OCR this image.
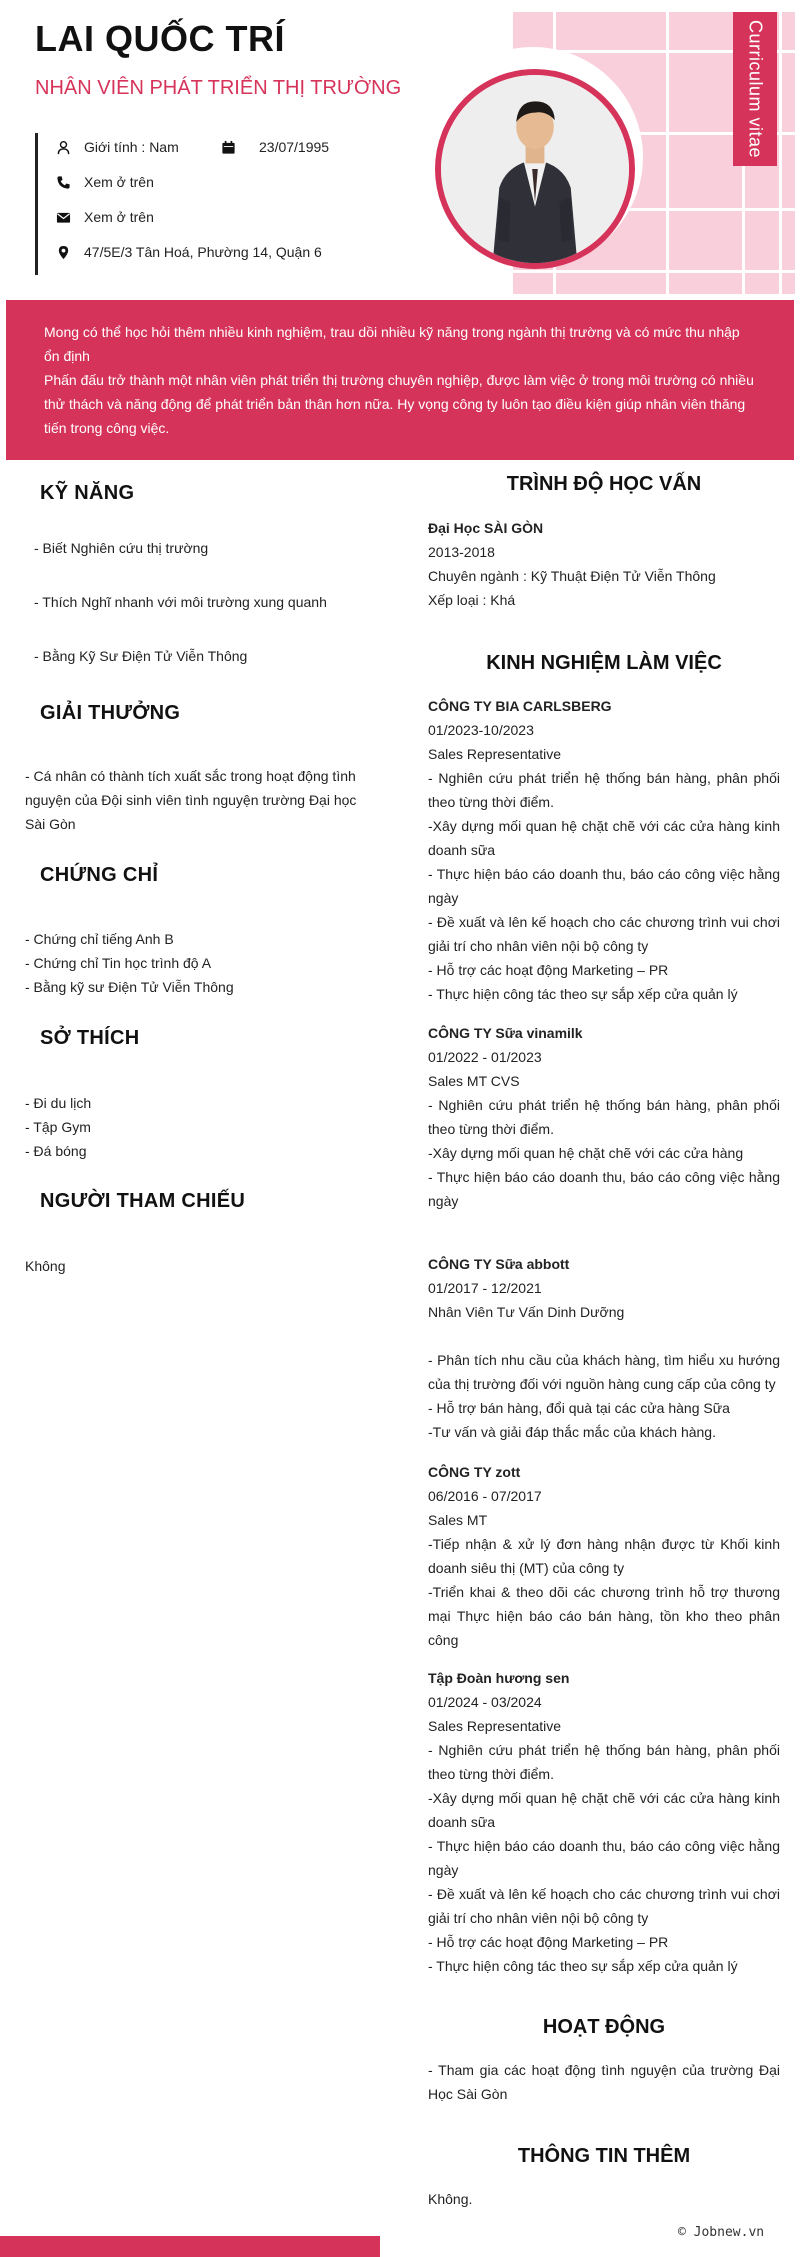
Curriculum vitae
LAI QUỐC TRÍ
NHÂN VIÊN PHÁT TRIỂN THỊ TRƯỜNG
Giới tính : Nam	23/07/1995
Xem ở trên
Xem ở trên
47/5E/3 Tân Hoá, Phường 14, Quận 6

Mong có thể học hỏi thêm nhiều kinh nghiệm, trau dồi nhiều kỹ năng trong ngành thị trường và có mức thu nhập ổn định

Phấn đấu trở thành một nhân viên phát triển thị trường chuyên nghiệp, được làm việc ở trong môi trường có nhiều thử thách và năng động để phát triển bản thân hơn nữa. Hy vọng công ty luôn tạo điều kiện giúp nhân viên thăng tiến trong công việc.

KỸ NĂNG
- Biết Nghiên cứu thị trường
- Thích Nghĩ nhanh với môi trường xung quanh
- Bằng Kỹ Sư Điện Tử Viễn Thông
GIẢI THƯỞNG
- Cá nhân có thành tích xuất sắc trong hoạt động tình nguyện của Đội sinh viên tình nguyện trường Đại học Sài Gòn
CHỨNG CHỈ
- Chứng chỉ tiếng Anh B
- Chứng chỉ Tin học trình độ A
- Bằng kỹ sư Điện Tử Viễn Thông
SỞ THÍCH
- Đi du lịch
- Tập Gym
- Đá bóng
NGƯỜI THAM CHIẾU
Không
TRÌNH ĐỘ HỌC VẤN
Đại Học SÀI GÒN
2013-2018
Chuyên ngành : Kỹ Thuật Điện Tử Viễn Thông
Xếp loại : Khá
KINH NGHIỆM LÀM VIỆC
CÔNG TY BIA CARLSBERG
01/2023-10/2023
Sales Representative
- Nghiên cứu phát triển hệ thống bán hàng, phân phối theo từng thời điểm.
-Xây dựng mối quan hệ chặt chẽ với các cửa hàng kinh doanh sữa
- Thực hiện báo cáo doanh thu, báo cáo công việc hằng ngày
- Đề xuất và lên kế hoạch cho các chương trình vui chơi giải trí cho nhân viên nội bộ công ty
- Hỗ trợ các hoạt động Marketing – PR
- Thực hiện công tác theo sự sắp xếp cửa quản lý
CÔNG TY Sữa vinamilk
01/2022 - 01/2023
Sales MT CVS
- Nghiên cứu phát triển hệ thống bán hàng, phân phối theo từng thời điểm.
-Xây dựng mối quan hệ chặt chẽ với các cửa hàng
- Thực hiện báo cáo doanh thu, báo cáo công việc hằng ngày
CÔNG TY Sữa abbott
01/2017 - 12/2021
Nhân Viên Tư Vấn Dinh Dưỡng
- Phân tích nhu cầu của khách hàng, tìm hiểu xu hướng của thị trường đối với nguồn hàng cung cấp của công ty
- Hỗ trợ bán hàng, đổi quà tại các cửa hàng Sữa
-Tư vấn và giải đáp thắc mắc của khách hàng.
CÔNG TY zott
06/2016 - 07/2017
Sales MT
-Tiếp nhận & xử lý đơn hàng nhận được từ Khối kinh doanh siêu thị (MT) của công ty
-Triển khai & theo dõi các chương trình hỗ trợ thương mại Thực hiện báo cáo bán hàng, tồn kho theo phân công
Tập Đoàn hương sen
01/2024 - 03/2024
Sales Representative
- Nghiên cứu phát triển hệ thống bán hàng, phân phối theo từng thời điểm.
-Xây dựng mối quan hệ chặt chẽ với các cửa hàng kinh doanh sữa
- Thực hiện báo cáo doanh thu, báo cáo công việc hằng ngày
- Đề xuất và lên kế hoạch cho các chương trình vui chơi giải trí cho nhân viên nội bộ công ty
- Hỗ trợ các hoạt động Marketing – PR
- Thực hiện công tác theo sự sắp xếp cửa quản lý
HOẠT ĐỘNG
- Tham gia các hoạt động tình nguyện của trường Đại Học Sài Gòn
THÔNG TIN THÊM
Không.
© Jobnew.vn
